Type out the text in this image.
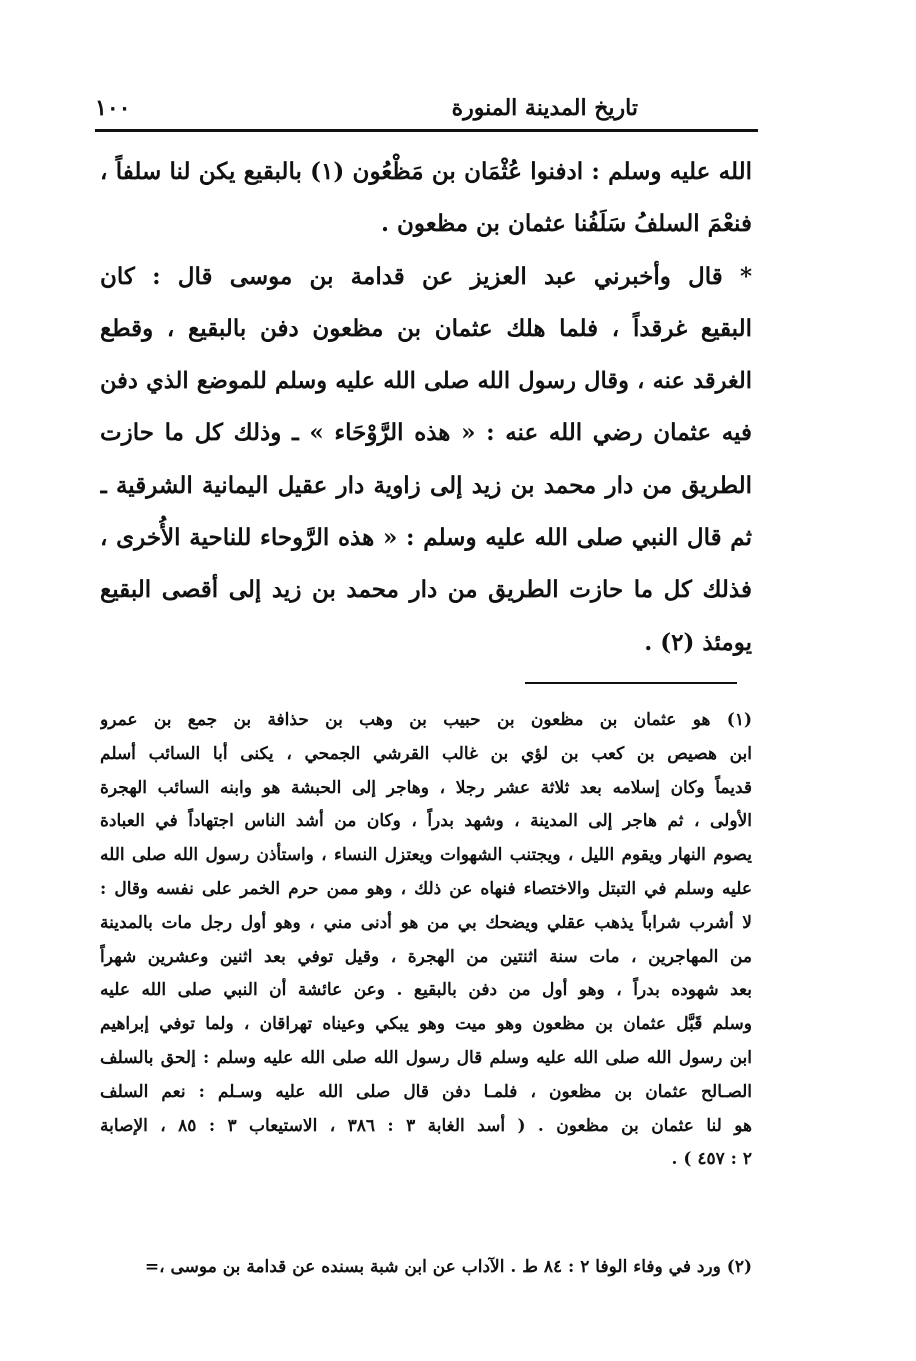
تاريخ المدينة المنورة
١٠٠
الله عليه وسلم : ادفنوا عُثْمَان بن مَظْعُون (١) بالبقيع يكن لنا سلفاً ،
فنعْمَ السلفُ سَلَفُنا عثمان بن مظعون .
* قال وأخبرني عبد العزيز عن قدامة بن موسى قال : كان
البقيع غرقداً ، فلما هلك عثمان بن مظعون دفن بالبقيع ، وقطع
الغرقد عنه ، وقال رسول الله صلى الله عليه وسلم للموضع الذي دفن
فيه عثمان رضي الله عنه : « هذه الرَّوْحَاء » ـ وذلك كل ما حازت
الطريق من دار محمد بن زيد إلى زاوية دار عقيل اليمانية الشرقية ـ
ثم قال النبي صلى الله عليه وسلم : « هذه الرَّوحاء للناحية الأُخرى ،
فذلك كل ما حازت الطريق من دار محمد بن زيد إلى أقصى البقيع
يومئذ (٢) .
(١) هو عثمان بن مظعون بن حبيب بن وهب بن حذافة بن جمع بن عمرو
ابن هصيص بن كعب بن لؤي بن غالب القرشي الجمحي ، يكنى أبا السائب أسلم
قديماً وكان إسلامه بعد ثلاثة عشر رجلا ، وهاجر إلى الحبشة هو وابنه السائب الهجرة
الأولى ، ثم هاجر إلى المدينة ، وشهد بدراً ، وكان من أشد الناس اجتهاداً في العبادة
يصوم النهار ويقوم الليل ، ويجتنب الشهوات ويعتزل النساء ، واستأذن رسول الله صلى الله
عليه وسلم في التبتل والاختصاء فنهاه عن ذلك ، وهو ممن حرم الخمر على نفسه وقال :
لا أشرب شراباً يذهب عقلي ويضحك بي من هو أدنى مني ، وهو أول رجل مات بالمدينة
من المهاجرين ، مات سنة اثنتين من الهجرة ، وقيل توفي بعد اثنين وعشرين شهراً
بعد شهوده بدراً ، وهو أول من دفن بالبقيع . وعن عائشة أن النبي صلى الله عليه
وسلم قَبَّل عثمان بن مظعون وهو ميت وهو يبكي وعيناه تهراقان ، ولما توفي إبراهيم
ابن رسول الله صلى الله عليه وسلم قال رسول الله صلى الله عليه وسلم : إلحق بالسلف
الصـالح عثمان بن مظعون ، فلمـا دفن قال صلى الله عليه وسـلم : نعم السلف
هو لنا عثمان بن مظعون . ( أسد الغابة ٣ : ٣٨٦ ، الاستيعاب ٣ : ٨٥ ، الإصابة
٢ : ٤٥٧ ) .
(٢) ورد في وفاء الوفا ٢ : ٨٤ ط . الآداب عن ابن شبة بسنده عن قدامة بن موسى ،=
